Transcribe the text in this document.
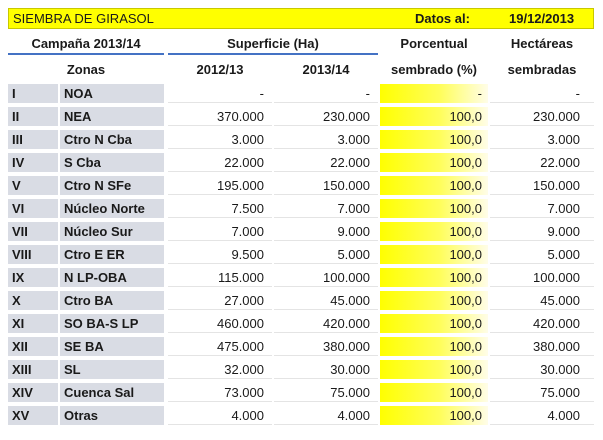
SIEMBRA DE GIRASOL	Datos al:	19/12/2013
Campaña 2013/14	Superficie (Ha)	Porcentual	Hectáreas
Zonas	2012/13	2013/14	sembrado (%)	sembradas
I	NOA	-	-	-	-
II	NEA	370.000	230.000	100,0	230.000
III	Ctro N Cba	3.000	3.000	100,0	3.000
IV	S Cba	22.000	22.000	100,0	22.000
V	Ctro N SFe	195.000	150.000	100,0	150.000
VI	Núcleo Norte	7.500	7.000	100,0	7.000
VII	Núcleo Sur	7.000	9.000	100,0	9.000
VIII	Ctro E ER	9.500	5.000	100,0	5.000
IX	N LP-OBA	115.000	100.000	100,0	100.000
X	Ctro BA	27.000	45.000	100,0	45.000
XI	SO BA-S LP	460.000	420.000	100,0	420.000
XII	SE BA	475.000	380.000	100,0	380.000
XIII	SL	32.000	30.000	100,0	30.000
XIV	Cuenca Sal	73.000	75.000	100,0	75.000
XV	Otras	4.000	4.000	100,0	4.000
